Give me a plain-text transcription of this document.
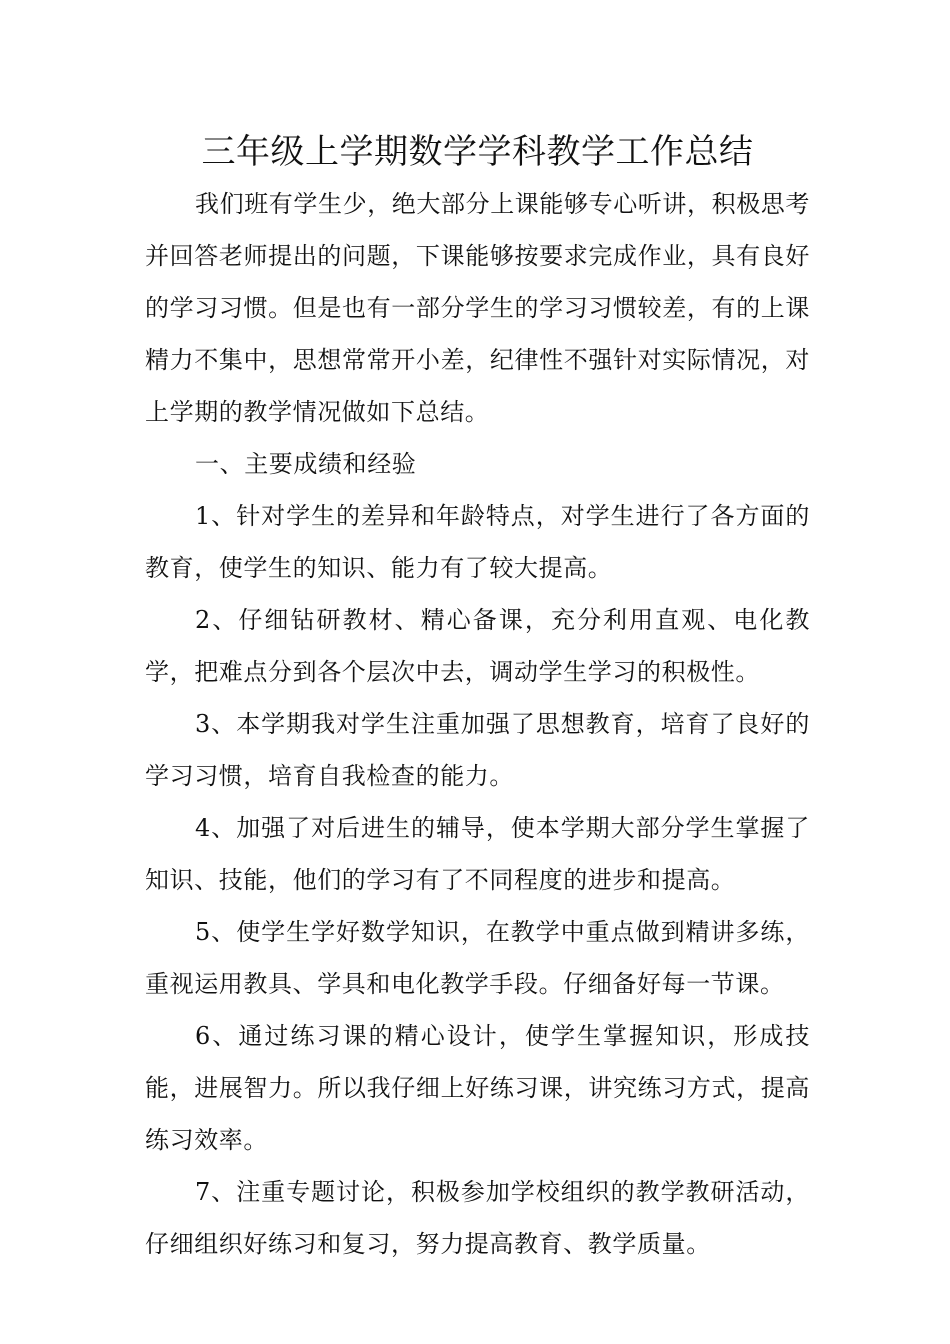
三年级上学期数学学科教学工作总结

我们班有学生少，绝大部分上课能够专心听讲，积极思考并回答老师提出的问题，下课能够按要求完成作业，具有良好的学习习惯。但是也有一部分学生的学习习惯较差，有的上课精力不集中，思想常常开小差，纪律性不强针对实际情况，对上学期的教学情况做如下总结。

一、主要成绩和经验

1、针对学生的差异和年龄特点，对学生进行了各方面的教育，使学生的知识、能力有了较大提高。

2、仔细钻研教材、精心备课，充分利用直观、电化教学，把难点分到各个层次中去，调动学生学习的积极性。

3、本学期我对学生注重加强了思想教育，培育了良好的学习习惯，培育自我检查的能力。

4、加强了对后进生的辅导，使本学期大部分学生掌握了知识、技能，他们的学习有了不同程度的进步和提高。

5、使学生学好数学知识，在教学中重点做到精讲多练，重视运用教具、学具和电化教学手段。仔细备好每一节课。

6、通过练习课的精心设计，使学生掌握知识，形成技能，进展智力。所以我仔细上好练习课，讲究练习方式，提高练习效率。

7、注重专题讨论，积极参加学校组织的教学教研活动，仔细组织好练习和复习，努力提高教育、教学质量。
